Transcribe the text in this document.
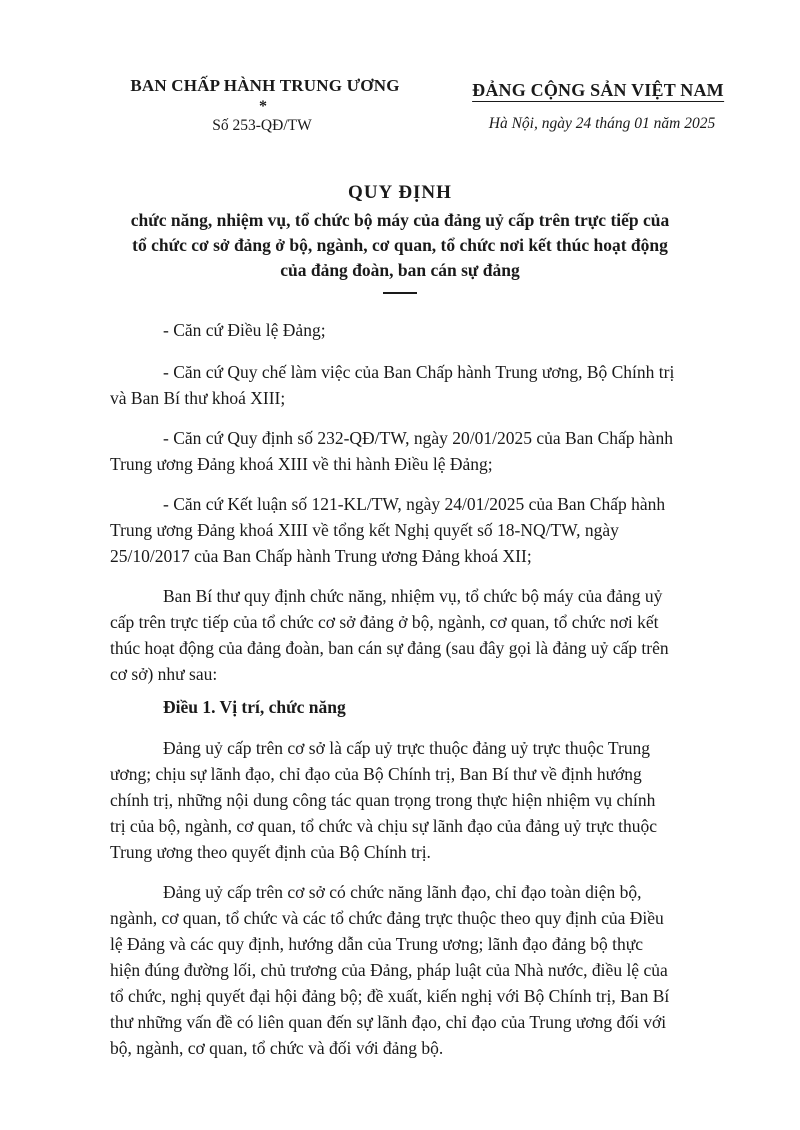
BAN CHẤP HÀNH TRUNG ƯƠNG
*
Số 253-QĐ/TW
ĐẢNG CỘNG SẢN VIỆT NAM
Hà Nội, ngày 24 tháng 01 năm 2025
QUY ĐỊNH
chức năng, nhiệm vụ, tổ chức bộ máy của đảng uỷ cấp trên trực tiếp của
tổ chức cơ sở đảng ở bộ, ngành, cơ quan, tổ chức nơi kết thúc hoạt động
của đảng đoàn, ban cán sự đảng
- Căn cứ Điều lệ Đảng;
- Căn cứ Quy chế làm việc của Ban Chấp hành Trung ương, Bộ Chính trị
và Ban Bí thư khoá XIII;
- Căn cứ Quy định số 232-QĐ/TW, ngày 20/01/2025 của Ban Chấp hành
Trung ương Đảng khoá XIII về thi hành Điều lệ Đảng;
- Căn cứ Kết luận số 121-KL/TW, ngày 24/01/2025 của Ban Chấp hành
Trung ương Đảng khoá XIII về tổng kết Nghị quyết số 18-NQ/TW, ngày
25/10/2017 của Ban Chấp hành Trung ương Đảng khoá XII;
Ban Bí thư quy định chức năng, nhiệm vụ, tổ chức bộ máy của đảng uỷ
cấp trên trực tiếp của tổ chức cơ sở đảng ở bộ, ngành, cơ quan, tổ chức nơi kết
thúc hoạt động của đảng đoàn, ban cán sự đảng (sau đây gọi là đảng uỷ cấp trên
cơ sở) như sau:
Điều 1. Vị trí, chức năng
Đảng uỷ cấp trên cơ sở là cấp uỷ trực thuộc đảng uỷ trực thuộc Trung
ương; chịu sự lãnh đạo, chỉ đạo của Bộ Chính trị, Ban Bí thư về định hướng
chính trị, những nội dung công tác quan trọng trong thực hiện nhiệm vụ chính
trị của bộ, ngành, cơ quan, tổ chức và chịu sự lãnh đạo của đảng uỷ trực thuộc
Trung ương theo quyết định của Bộ Chính trị.
Đảng uỷ cấp trên cơ sở có chức năng lãnh đạo, chỉ đạo toàn diện bộ,
ngành, cơ quan, tổ chức và các tổ chức đảng trực thuộc theo quy định của Điều
lệ Đảng và các quy định, hướng dẫn của Trung ương; lãnh đạo đảng bộ thực
hiện đúng đường lối, chủ trương của Đảng, pháp luật của Nhà nước, điều lệ của
tổ chức, nghị quyết đại hội đảng bộ; đề xuất, kiến nghị với Bộ Chính trị, Ban Bí
thư những vấn đề có liên quan đến sự lãnh đạo, chỉ đạo của Trung ương đối với
bộ, ngành, cơ quan, tổ chức và đối với đảng bộ.
